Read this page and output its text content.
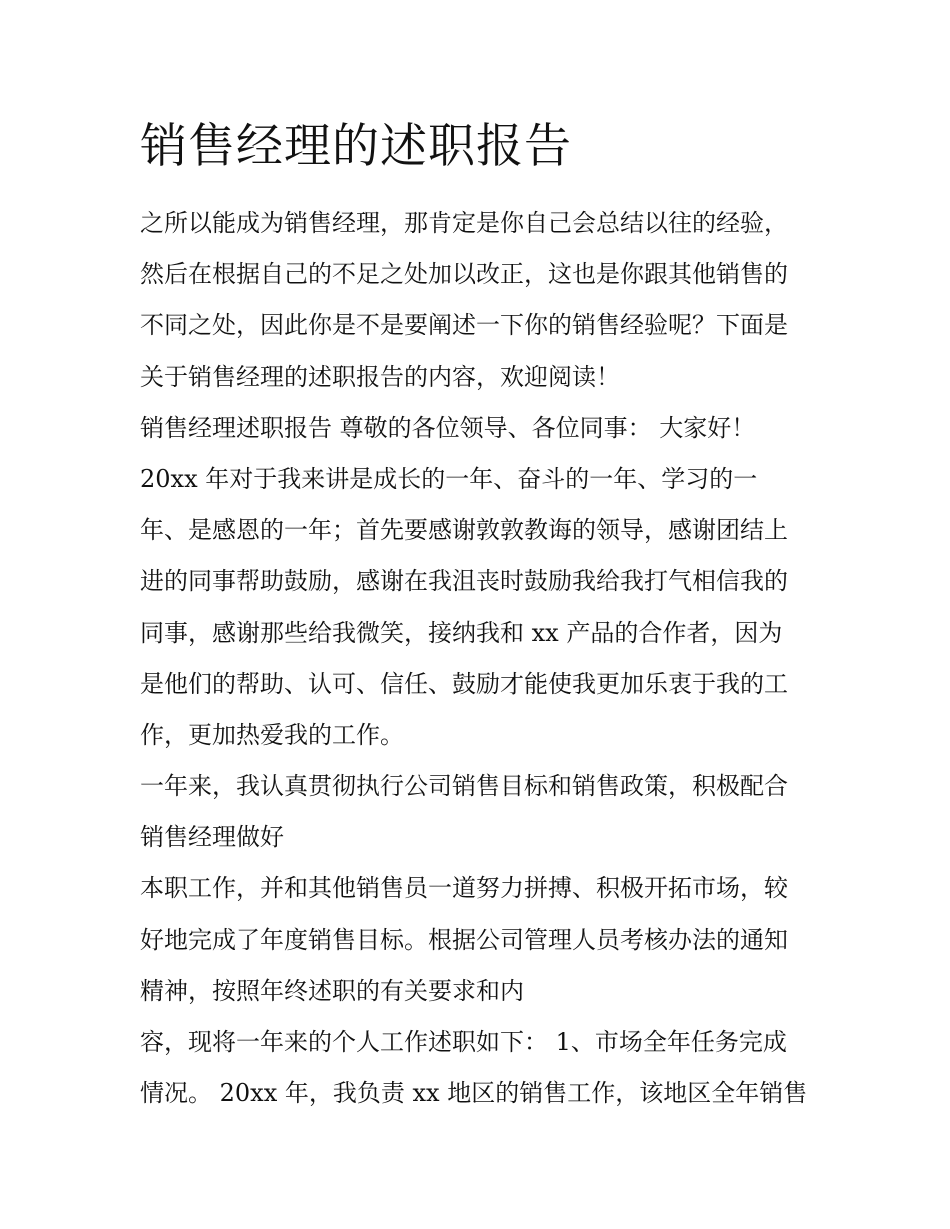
销售经理的述职报告
之所以能成为销售经理，那肯定是你自己会总结以往的经验，
然后在根据自己的不足之处加以改正，这也是你跟其他销售的
不同之处，因此你是不是要阐述一下你的销售经验呢？下面是
关于销售经理的述职报告的内容，欢迎阅读！
销售经理述职报告 尊敬的各位领导、各位同事： 大家好！
20xx 年对于我来讲是成长的一年、奋斗的一年、学习的一
年、是感恩的一年；首先要感谢敦敦教诲的领导，感谢团结上
进的同事帮助鼓励，感谢在我沮丧时鼓励我给我打气相信我的
同事，感谢那些给我微笑，接纳我和 xx 产品的合作者，因为
是他们的帮助、认可、信任、鼓励才能使我更加乐衷于我的工
作，更加热爱我的工作。
一年来，我认真贯彻执行公司销售目标和销售政策，积极配合
销售经理做好
本职工作，并和其他销售员一道努力拼搏、积极开拓市场，较
好地完成了年度销售目标。根据公司管理人员考核办法的通知
精神，按照年终述职的有关要求和内
容，现将一年来的个人工作述职如下： 1、市场全年任务完成
情况。 20xx 年，我负责 xx 地区的销售工作，该地区全年销售
